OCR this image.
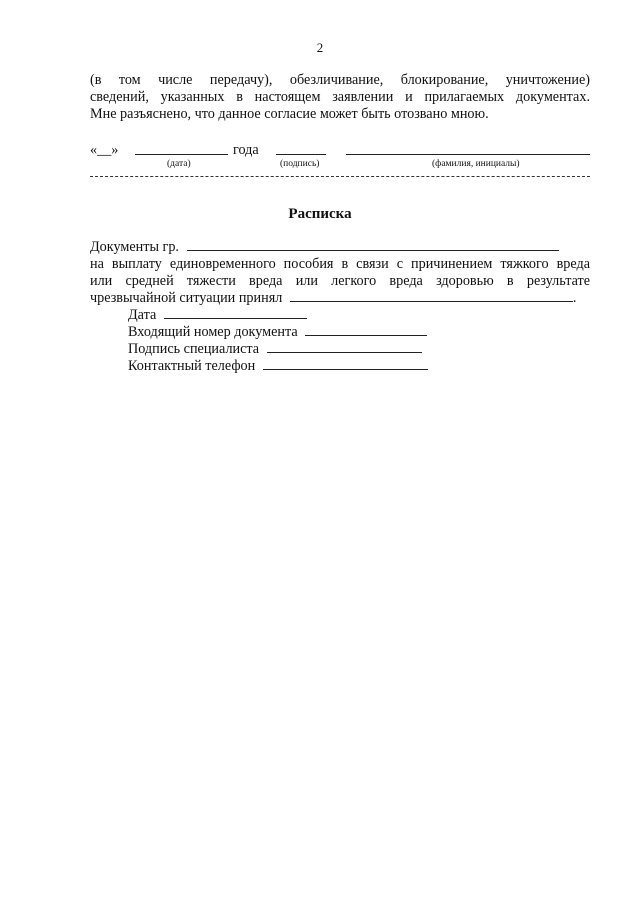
2
(в том числе передачу), обезличивание, блокирование, уничтожение)
сведений, указанных в настоящем заявлении и прилагаемых документах.
Мне разъяснено, что данное согласие может быть отозвано мною.
«__»	года
(дата)	(подпись)	(фамилия, инициалы)
Расписка
Документы гр.
на выплату единовременного пособия в связи с причинением тяжкого вреда
или средней тяжести вреда или легкого вреда здоровью в результате
чрезвычайной ситуации принял	.
Дата
Входящий номер документа
Подпись специалиста
Контактный телефон
